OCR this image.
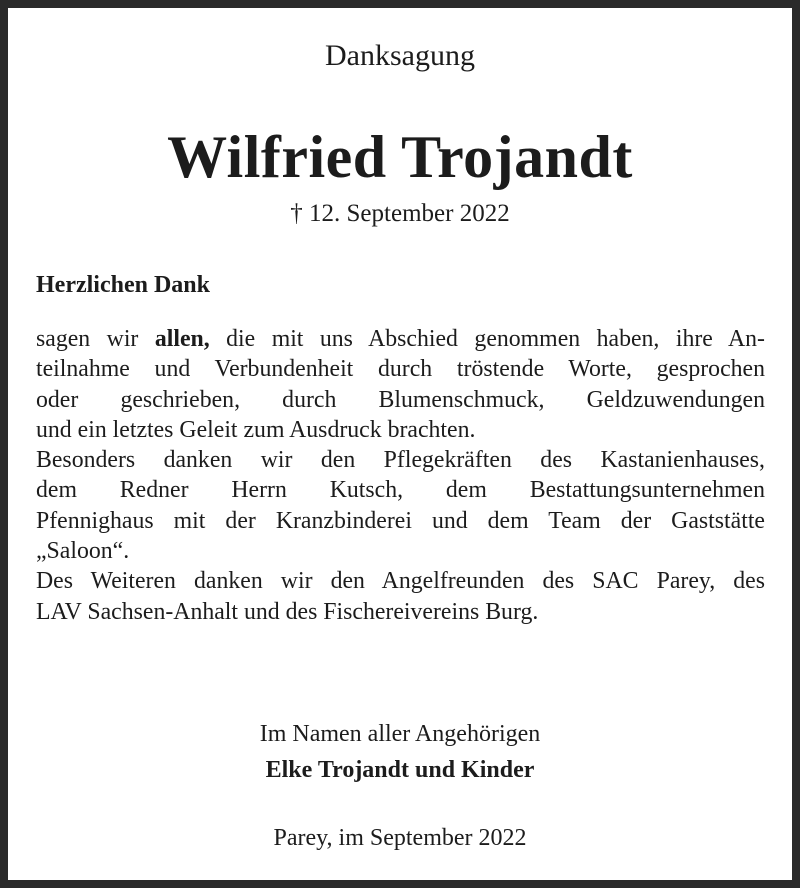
Danksagung
Wilfried Trojandt
† 12. September 2022
Herzlichen Dank

sagen wir allen, die mit uns Abschied genommen haben, ihre An-
teilnahme und Verbundenheit durch tröstende Worte, gesprochen
oder geschrieben, durch Blumenschmuck, Geldzuwendungen
und ein letztes Geleit zum Ausdruck brachten.

Besonders danken wir den Pflegekräften des Kastanienhauses,
dem Redner Herrn Kutsch, dem Bestattungsunternehmen
Pfennighaus mit der Kranzbinderei und dem Team der Gaststätte
„Saloon“.

Des Weiteren danken wir den Angelfreunden des SAC Parey, des
LAV Sachsen-Anhalt und des Fischereivereins Burg.

Im Namen aller Angehörigen
Elke Trojandt und Kinder
Parey, im September 2022
